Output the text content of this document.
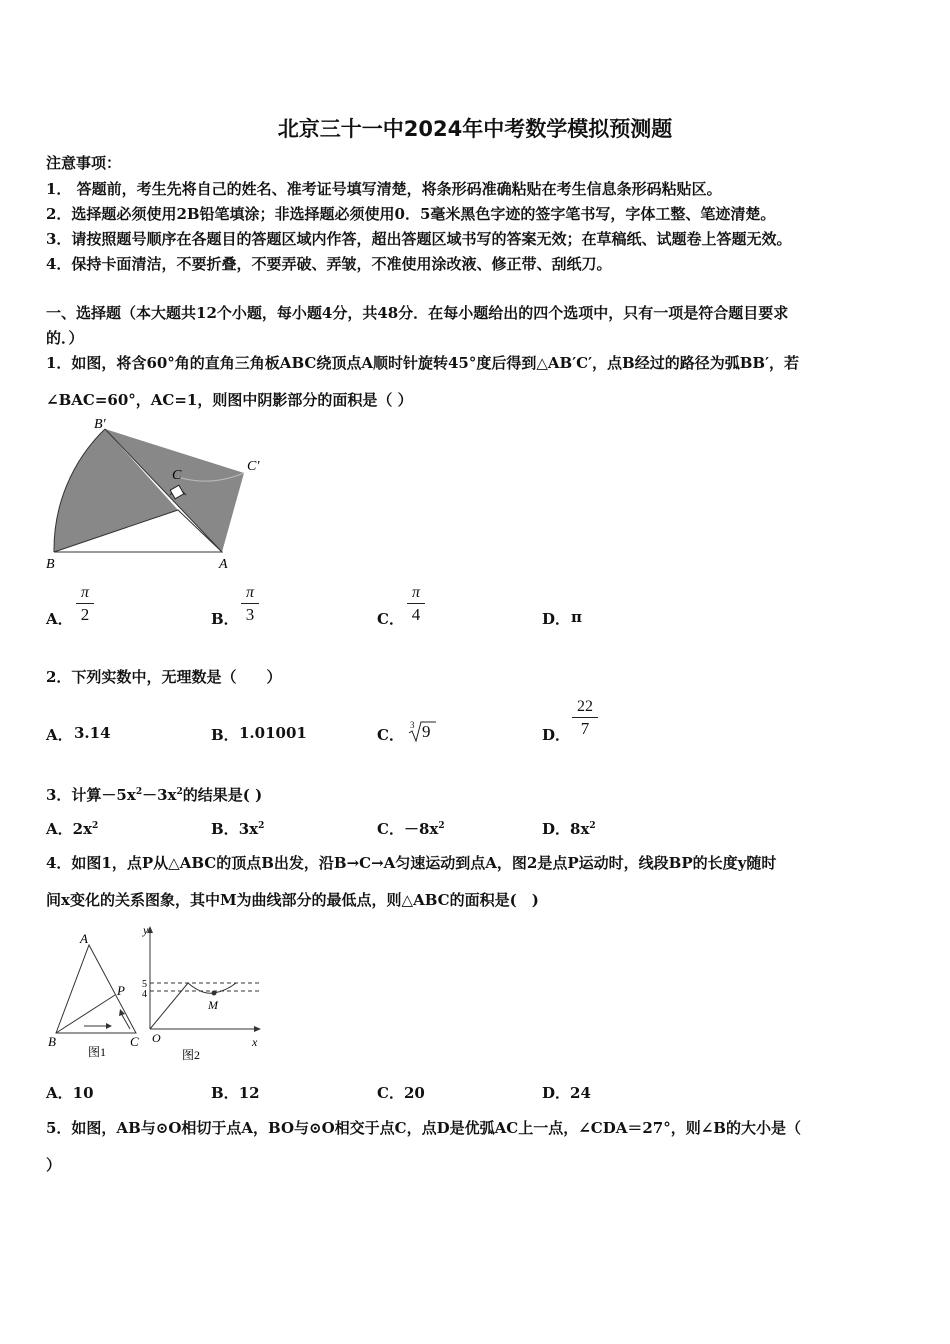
北京三十一中2024年中考数学模拟预测题
注意事项：
1． 答题前，考生先将自己的姓名、准考证号填写清楚，将条形码准确粘贴在考生信息条形码粘贴区。
2．选择题必须使用2B铅笔填涂；非选择题必须使用0．5毫米黑色字迹的签字笔书写，字体工整、笔迹清楚。
3．请按照题号顺序在各题目的答题区域内作答，超出答题区域书写的答案无效；在草稿纸、试题卷上答题无效。
4．保持卡面清洁，不要折叠，不要弄破、弄皱，不准使用涂改液、修正带、刮纸刀。
一、选择题（本大题共12个小题，每小题4分，共48分．在每小题给出的四个选项中，只有一项是符合题目要求
的．）
1．如图，将含60°角的直角三角板ABC绕顶点A顺时针旋转45°度后得到△AB′C′，点B经过的路径为弧BB′，若
∠BAC=60°，AC=1，则图中阴影部分的面积是（ ）
B′
C
C′
B	A
A．
π
2	B．
π
3	C．
π
4	D． π
2．下列实数中，无理数是（　　）
A． 3.14	B． 1.01001	C．
3 9	D．
22
7
3．计算$-5x^2-3x^2$的结果是( )
A．$2x^2$	B．$3x^2$	C．$-8x^2$	D．$8x^2$
4．如图1，点P从△ABC的顶点B出发，沿B→C→A匀速运动到点A，图2是点P运动时，线段BP的长度y随时
间x变化的关系图象，其中M为曲线部分的最低点，则△ABC的面积是(　)
A
B	C
P
图1
y
x
O
M
5
4
图2
A．10	B．12	C．20	D．24
5．如图，AB与⊙O相切于点A，BO与⊙O相交于点C，点D是优弧AC上一点，∠CDA＝27°，则∠B的大小是（
）
